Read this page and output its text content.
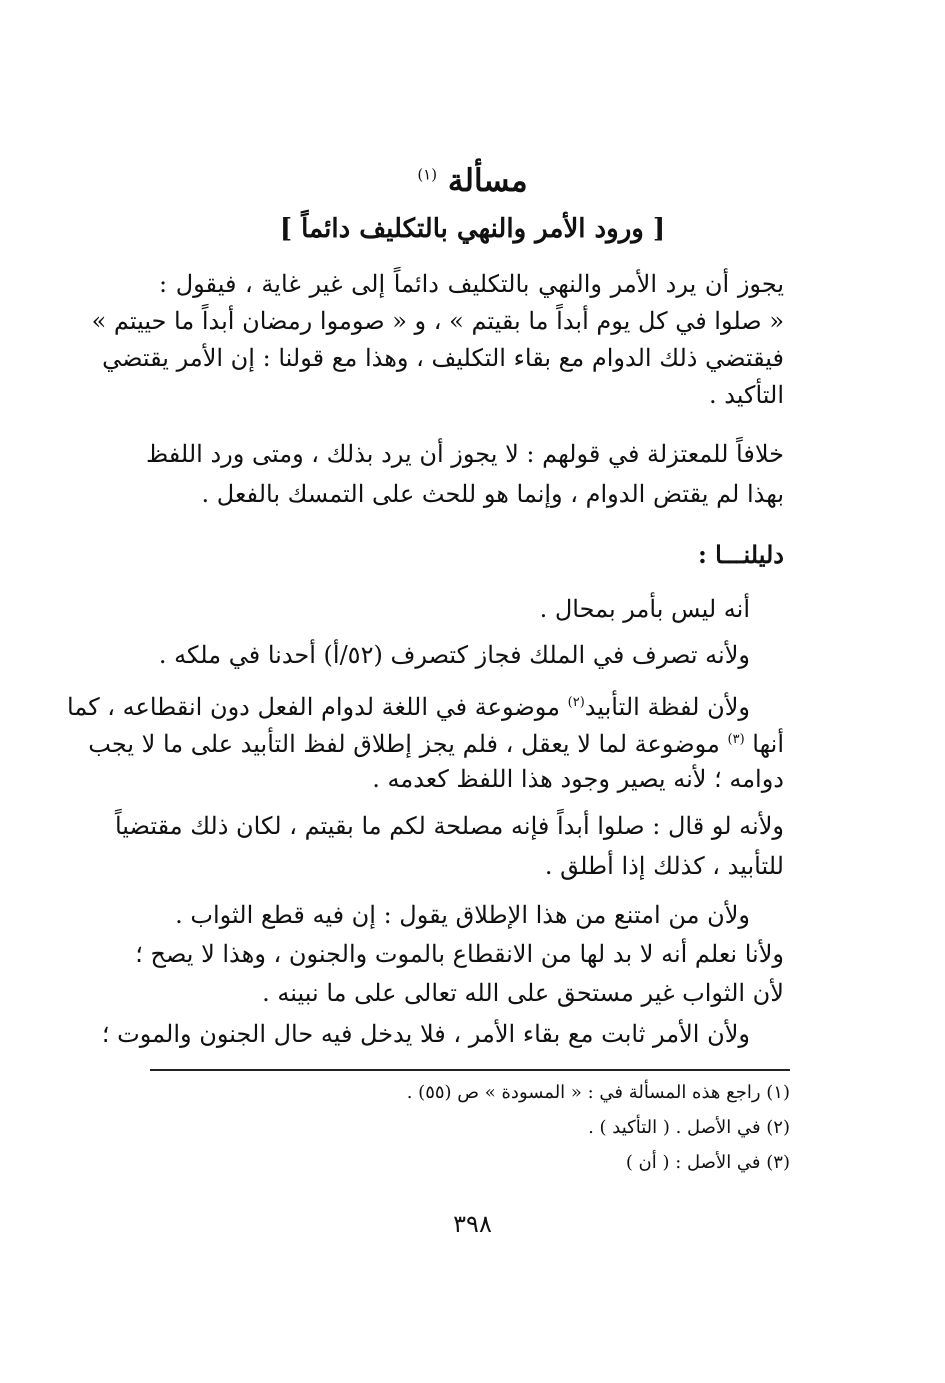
مسألة $^{(١)}$
[ ورود الأمر والنهي بالتكليف دائماً ]
يجوز أن يرد الأمر والنهي بالتكليف دائماً إلى غير غاية ، فيقول :
« صلوا في كل يوم أبداً ما بقيتم » ، و « صوموا رمضان أبداً ما حييتم »
فيقتضي ذلك الدوام مع بقاء التكليف ، وهذا مع قولنا : إن الأمر يقتضي
التأكيد .
خلافاً للمعتزلة في قولهم : لا يجوز أن يرد بذلك ، ومتى ورد اللفظ
بهذا لم يقتض الدوام ، وإنما هو للحث على التمسك بالفعل .
دليلنـــا :
أنه ليس بأمر بمحال .
ولأنه تصرف في الملك فجاز كتصرف (٥٢/أ) أحدنا في ملكه .
ولأن لفظة التأبيد$^{(٢)}$ موضوعة في اللغة لدوام الفعل دون انقطاعه ، كما
أنها $^{(٣)}$ موضوعة لما لا يعقل ، فلم يجز إطلاق لفظ التأبيد على ما لا يجب
دوامه ؛ لأنه يصير وجود هذا اللفظ كعدمه .
ولأنه لو قال : صلوا أبداً فإنه مصلحة لكم ما بقيتم ، لكان ذلك مقتضياً
للتأبيد ، كذلك إذا أطلق .
ولأن من امتنع من هذا الإطلاق يقول : إن فيه قطع الثواب .
ولأنا نعلم أنه لا بد لها من الانقطاع بالموت والجنون ، وهذا لا يصح ؛
لأن الثواب غير مستحق على الله تعالى على ما نبينه .
ولأن الأمر ثابت مع بقاء الأمر ، فلا يدخل فيه حال الجنون والموت ؛
(١) راجع هذه المسألة في : « المسودة » ص (٥٥) .
(٢) في الأصل . ( التأكيد ) .
(٣) في الأصل : ( أن )
٣٩٨
